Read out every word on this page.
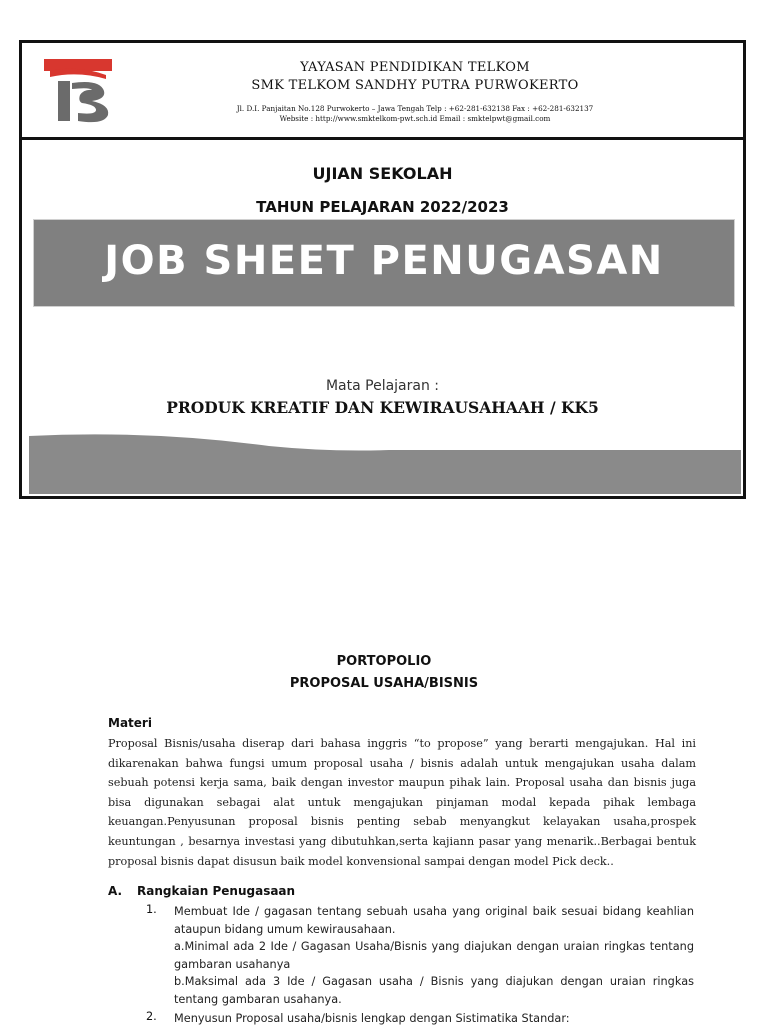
YAYASAN PENDIDIKAN TELKOM
SMK TELKOM SANDHY PUTRA PURWOKERTO
Jl. D.I. Panjaitan No.128 Purwokerto – Jawa Tengah Telp : +62-281-632138 Fax : +62-281-632137
Website : http://www.smktelkom-pwt.sch.id Email : smktelpwt@gmail.com
UJIAN SEKOLAH
TAHUN PELAJARAN 2022/2023
JOB SHEET PENUGASAN
Mata Pelajaran :
PRODUK KREATIF DAN KEWIRAUSAHAAH / KK5
PORTOPOLIO
PROPOSAL USAHA/BISNIS
Materi
Proposal Bisnis/usaha diserap dari bahasa inggris “to propose” yang berarti mengajukan. Hal ini dikarenakan bahwa fungsi umum proposal usaha / bisnis adalah untuk mengajukan usaha dalam sebuah potensi kerja sama, baik dengan investor maupun pihak lain. Proposal usaha dan bisnis juga bisa digunakan sebagai alat untuk mengajukan pinjaman modal kepada pihak lembaga keuangan.Penyusunan proposal bisnis penting sebab menyangkut kelayakan usaha,prospek keuntungan , besarnya investasi yang dibutuhkan,serta kajiann pasar yang menarik..Berbagai bentuk proposal bisnis dapat disusun baik model konvensional sampai dengan model Pick deck..
A. Rangkaian Penugasaan
1. Membuat Ide / gagasan tentang sebuah usaha yang original baik sesuai bidang keahlian ataupun bidang umum kewirausahaan.
a.Minimal ada 2 Ide / Gagasan Usaha/Bisnis yang diajukan dengan uraian ringkas tentang gambaran usahanya
b.Maksimal ada 3 Ide / Gagasan usaha / Bisnis yang diajukan dengan uraian ringkas tentang gambaran usahanya.
2. Menyusun Proposal usaha/bisnis lengkap dengan Sistimatika Standar:
